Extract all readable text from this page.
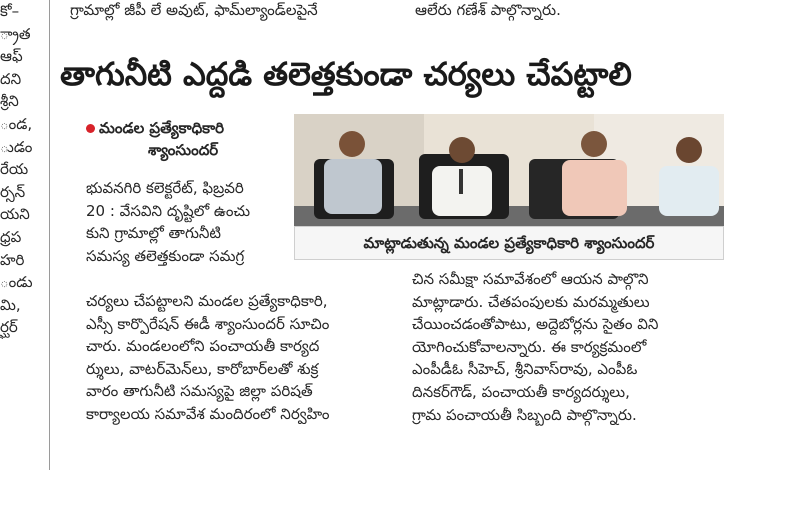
కో–
్రాత
ఆఫ్
దని
శ్రీని
ండ,
ుడం
రేయ
ర్సన్
యని
ధ్రప
హరి
ండు
మి,
ర్ఘర్
గ్రామాల్లో జీపీ లే అవుట్, ఫామ్‌ల్యాండ్‌లపైనే	ఆలేరు గణేశ్ పాల్గొన్నారు.
తాగునీటి ఎద్దడి తలెత్తకుండా చర్యలు చేపట్టాలి
మండల ప్రత్యేకాధికారి
శ్యాంసుందర్
మాట్లాడుతున్న మండల ప్రత్యేకాధికారి శ్యాంసుందర్
భువనగిరి కలెక్టరేట్, ఫిబ్రవరి
20 : వేసవిని దృష్టిలో ఉంచు
కుని గ్రామాల్లో తాగునీటి
సమస్య తలెత్తకుండా సమగ్ర
చర్యలు చేపట్టాలని మండల ప్రత్యేకాధికారి,
ఎస్సీ కార్పొరేషన్ ఈడీ శ్యాంసుందర్ సూచిం
చారు. మండలంలోని పంచాయతీ కార్యద
ర్శులు, వాటర్‌మెన్‌లు, కారోబార్‌లతో శుక్ర
వారం తాగునీటి సమస్యపై జిల్లా పరిషత్
కార్యాలయ సమావేశ మందిరంలో నిర్వహిం
చిన సమీక్షా సమావేశంలో ఆయన పాల్గొని
మాట్లాడారు. చేతపంపులకు మరమ్మతులు
చేయించడంతోపాటు, అద్దెబోర్లను సైతం విని
యోగించుకోవాలన్నారు. ఈ కార్యక్రమంలో
ఎంపీడీఓ సీహెచ్, శ్రీనివాస్‌రావు, ఎంపీఓ
దినకర్‌గౌడ్, పంచాయతీ కార్యదర్శులు,
గ్రామ పంచాయతీ సిబ్బంది పాల్గొన్నారు.
